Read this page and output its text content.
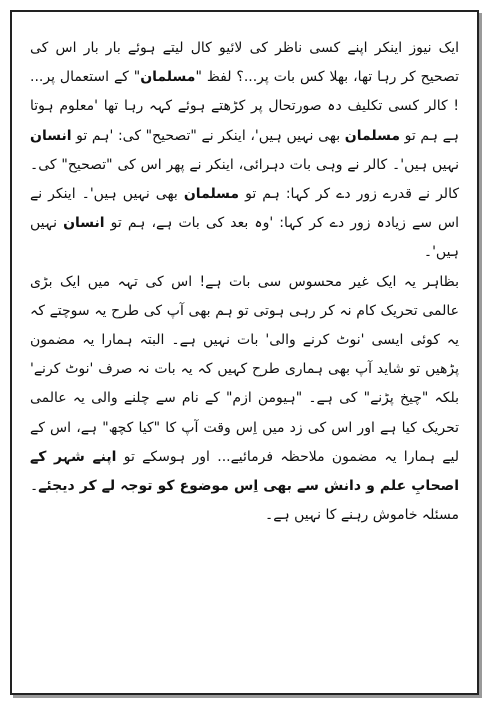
ایک نیوز اینکر اپنے کسی ناظر کی لائیو کال لیتے ہوئے بار بار اس کی تصحیح کر رہا تھا، بھلا کس بات پر...؟ لفظ "مسلمان" کے استعمال پر... ! کالر کسی تکلیف دہ صورتحال پر کڑھتے ہوئے کہہ رہا تھا 'معلوم ہوتا ہے ہم تو مسلمان بھی نہیں ہیں'، اینکر نے "تصحیح" کی: 'ہم تو انسان نہیں ہیں'۔ کالر نے وہی بات دہرائی، اینکر نے پھر اس کی "تصحیح" کی۔ کالر نے قدرے زور دے کر کہا: ہم تو مسلمان بھی نہیں ہیں'۔ اینکر نے اس سے زیادہ زور دے کر کہا: 'وہ بعد کی بات ہے، ہم تو انسان نہیں ہیں'۔

بظاہر یہ ایک غیر محسوس سی بات ہے! اس کی تہہ میں ایک بڑی عالمی تحریک کام نہ کر رہی ہوتی تو ہم بھی آپ کی طرح یہ سوچتے کہ یہ کوئی ایسی 'نوٹ کرنے والی' بات نہیں ہے۔ البتہ ہمارا یہ مضمون پڑھیں تو شاید آپ بھی ہماری طرح کہیں کہ یہ بات نہ صرف 'نوٹ کرنے' بلکہ "چیخ پڑنے" کی ہے۔ "ہیومن ازم" کے نام سے چلنے والی یہ عالمی تحریک کیا ہے اور اس کی زد میں اِس وقت آپ کا "کیا کچھ" ہے، اس کے لیے ہمارا یہ مضمون ملاحظہ فرمائیے... اور ہوسکے تو اپنے شہر کے اصحابِ علم و دانش سے بھی اِس موضوع کو توجہ لے کر دیجئے۔ مسئلہ خاموش رہنے کا نہیں ہے۔
